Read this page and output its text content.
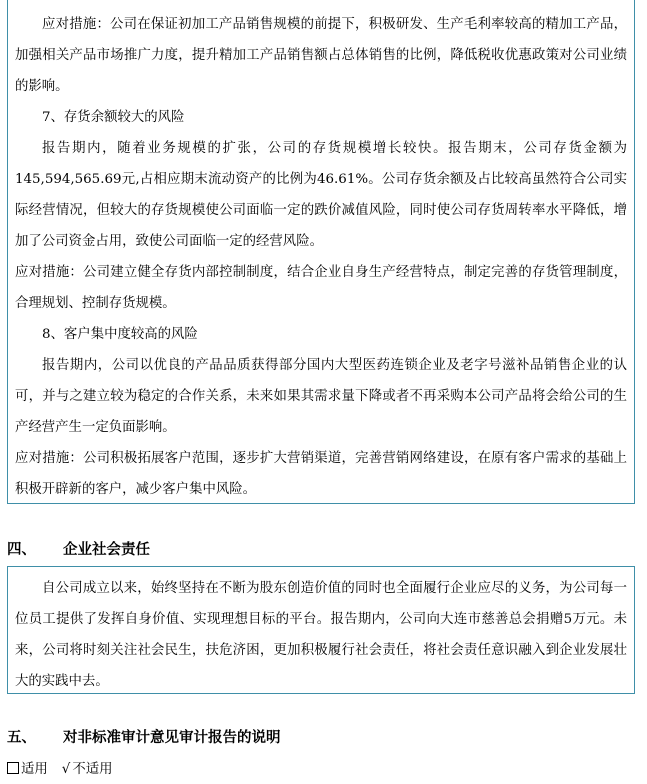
应对措施：公司在保证初加工产品销售规模的前提下，积极研发、生产毛利率较高的精加工产品，加强相关产品市场推广力度，提升精加工产品销售额占总体销售的比例，降低税收优惠政策对公司业绩的影响。

7、存货余额较大的风险

报告期内，随着业务规模的扩张，公司的存货规模增长较快。报告期末，公司存货金额为145,594,565.69元,占相应期末流动资产的比例为46.61%。公司存货余额及占比较高虽然符合公司实际经营情况，但较大的存货规模使公司面临一定的跌价减值风险，同时使公司存货周转率水平降低，增加了公司资金占用，致使公司面临一定的经营风险。

应对措施：公司建立健全存货内部控制制度，结合企业自身生产经营特点，制定完善的存货管理制度，合理规划、控制存货规模。

8、客户集中度较高的风险

报告期内，公司以优良的产品品质获得部分国内大型医药连锁企业及老字号滋补品销售企业的认可，并与之建立较为稳定的合作关系，未来如果其需求量下降或者不再采购本公司产品将会给公司的生产经营产生一定负面影响。

应对措施：公司积极拓展客户范围，逐步扩大营销渠道，完善营销网络建设，在原有客户需求的基础上积极开辟新的客户，减少客户集中风险。

四、 企业社会责任

自公司成立以来，始终坚持在不断为股东创造价值的同时也全面履行企业应尽的义务，为公司每一位员工提供了发挥自身价值、实现理想目标的平台。报告期内，公司向大连市慈善总会捐赠5万元。未来，公司将时刻关注社会民生，扶危济困，更加积极履行社会责任，将社会责任意识融入到企业发展壮大的实践中去。

五、 对非标准审计意见审计报告的说明
适用 √ 不适用
